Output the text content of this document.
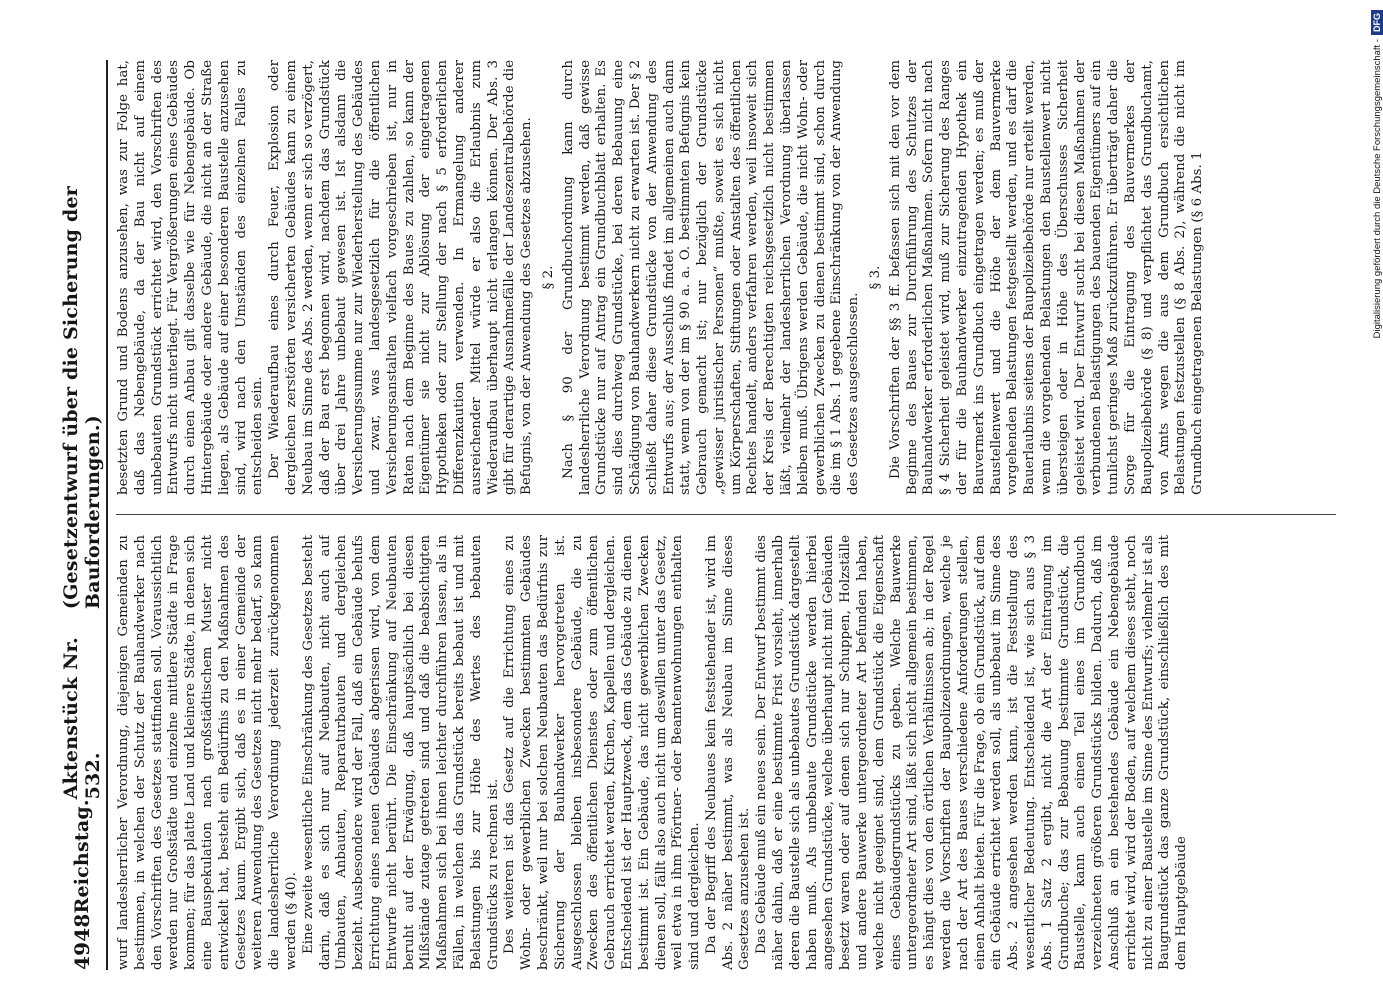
4948
Reichstag.
Aktenstück Nr. 532.
(Gesetzentwurf über die Sicherung der Bauforderungen.)

wurf landesherrlicher Verordnung, diejenigen Gemeinden zu bestimmen, in welchen der Schutz der Bauhandwerker nach den Vorschriften des Gesetzes stattfinden soll. Voraussichtlich werden nur Großstädte und einzelne mittlere Städte in Frage kommen; für das platte Land und kleinere Städte, in denen sich eine Bauspekulation nach großstädtischem Muster nicht entwickelt hat, besteht ein Bedürfnis zu den Maßnahmen des Gesetzes kaum. Ergibt sich, daß es in einer Gemeinde der weiteren Anwendung des Gesetzes nicht mehr bedarf, so kann die landesherrliche Verordnung jederzeit zurückgenommen werden (§ 40). Eine zweite wesentliche Einschränkung des Gesetzes besteht darin, daß es sich nur auf Neubauten, nicht auch auf Umbauten, Anbauten, Reparaturbauten und dergleichen bezieht. Ausbesondere wird der Fall, daß ein Gebäude behufs Errichtung eines neuen Gebäudes abgerissen wird, von dem Entwurfe nicht berührt. Die Einschränkung auf Neubauten beruht auf der Erwägung, daß hauptsächlich bei diesen Mißstände zutage getreten sind und daß die beabsichtigten Maßnahmen sich bei ihnen leichter durchführen lassen, als in Fällen, in welchen das Grundstück bereits bebaut ist und mit Belastungen bis zur Höhe des Wertes des bebauten Grundstücks zu rechnen ist. Des weiteren ist das Gesetz auf die Errichtung eines zu Wohn- oder gewerblichen Zwecken bestimmten Gebäudes beschränkt, weil nur bei solchen Neubauten das Bedürfnis zur Sicherung der Bauhandwerker hervorgetreten ist. Ausgeschlossen bleiben insbesondere Gebäude, die zu Zwecken des öffentlichen Dienstes oder zum öffentlichen Gebrauch errichtet werden, Kirchen, Kapellen und dergleichen. Entscheidend ist der Hauptzweck, dem das Gebäude zu dienen bestimmt ist. Ein Gebäude, das nicht gewerblichen Zwecken dienen soll, fällt also auch nicht um deswillen unter das Gesetz, weil etwa in ihm Pförtner- oder Beamtenwohnungen enthalten sind und dergleichen. Da der Begriff des Neubaues kein feststehender ist, wird im Abs. 2 näher bestimmt, was als Neubau im Sinne dieses Gesetzes anzusehen ist. Das Gebäude muß ein neues sein. Der Entwurf bestimmt dies näher dahin, daß er eine bestimmte Frist vorsieht, innerhalb deren die Baustelle sich als unbebautes Grundstück dargestellt haben muß. Als unbebaute Grundstücke werden hierbei angesehen Grundstücke, welche überhaupt nicht mit Gebäuden besetzt waren oder auf denen sich nur Schuppen, Holzställe und andere Bauwerke untergeordneter Art befunden haben, welche nicht geeignet sind, dem Grundstück die Eigenschaft eines Gebäudegrundstücks zu geben. Welche Bauwerke untergeordneter Art sind, läßt sich nicht allgemein bestimmen, es hängt dies von den örtlichen Verhältnissen ab; in der Regel werden die Vorschriften der Baupolizeiordnungen, welche je nach der Art des Baues verschiedene Anforderungen stellen, einen Anhalt bieten. Für die Frage, ob ein Grundstück, auf dem ein Gebäude errichtet werden soll, als unbebaut im Sinne des Abs. 2 angesehen werden kann, ist die Feststellung des wesentlicher Bedeutung. Entscheidend ist, wie sich aus § 3 Abs. 1 Satz 2 ergibt, nicht die Art der Eintragung im Grundbuche; das zur Bebauung bestimmte Grundstück, die Baustelle, kann auch einen Teil eines im Grundbuch verzeichneten größeren Grundstücks bilden. Dadurch, daß im Anschluß an ein bestehendes Gebäude ein Nebengebäude errichtet wird, wird der Boden, auf welchem dieses steht, noch nicht zu einer Baustelle im Sinne des Entwurfs; vielmehr ist als Baugrundstück das ganze Grundstück, einschließlich des mit dem Hauptgebäude

besetzten Grund und Bodens anzusehen, was zur Folge hat, daß das Nebengebäude, da der Bau nicht auf einem unbebauten Grundstück errichtet wird, den Vorschriften des Entwurfs nicht unterliegt. Für Vergrößerungen eines Gebäudes durch einen Anbau gilt dasselbe wie für Nebengebäude. Ob Hintergebäude oder andere Gebäude, die nicht an der Straße liegen, als Gebäude auf einer besonderen Baustelle anzusehen sind, wird nach den Umständen des einzelnen Falles zu entscheiden sein. Der Wiederaufbau eines durch Feuer, Explosion oder dergleichen zerstörten versicherten Gebäudes kann zu einem Neubau im Sinne des Abs. 2 werden, wenn er sich so verzögert, daß der Bau erst begonnen wird, nachdem das Grundstück über drei Jahre unbebaut gewesen ist. Ist alsdann die Versicherungssumme nur zur Wiederherstellung des Gebäudes und zwar, was landesgesetzlich für die öffentlichen Versicherungsanstalten vielfach vorgeschrieben ist, nur in Raten nach dem Beginne des Baues zu zahlen, so kann der Eigentümer sie nicht zur Ablösung der eingetragenen Hypotheken oder zur Stellung der nach § 5 erforderlichen Differenzkaution verwenden. In Ermangelung anderer ausreichender Mittel würde er also die Erlaubnis zum Wiederaufbau überhaupt nicht erlangen können. Der Abs. 3 gibt für derartige Ausnahmefälle der Landeszentralbehörde die Befugnis, von der Anwendung des Gesetzes abzusehen. § 2. Nach § 90 der Grundbuchordnung kann durch landesherrliche Verordnung bestimmt werden, daß gewisse Grundstücke nur auf Antrag ein Grundbuchblatt erhalten. Es sind dies durchweg Grundstücke, bei deren Bebauung eine Schädigung von Bauhandwerkern nicht zu erwarten ist. Der § 2 schließt daher diese Grundstücke von der Anwendung des Entwurfs aus; der Ausschluß findet im allgemeinen auch dann statt, wenn von der im § 90 a. a. O. bestimmten Befugnis kein Gebrauch gemacht ist; nur bezüglich der Grundstücke „gewisser juristischer Personen“ mußte, soweit es sich nicht um Körperschaften, Stiftungen oder Anstalten des öffentlichen Rechtes handelt, anders verfahren werden, weil insoweit sich der Kreis der Berechtigten reichsgesetzlich nicht bestimmen läßt, vielmehr der landesherrlichen Verordnung überlassen bleiben muß. Übrigens werden Gebäude, die nicht Wohn- oder gewerblichen Zwecken zu dienen bestimmt sind, schon durch die im § 1 Abs. 1 gegebene Einschränkung von der Anwendung des Gesetzes ausgeschlossen.

§ 3. Die Vorschriften der §§ 3 ff. befassen sich mit den vor dem Beginne des Baues zur Durchführung des Schutzes der Bauhandwerker erforderlichen Maßnahmen. Sofern nicht nach § 4 Sicherheit geleistet wird, muß zur Sicherung des Ranges der für die Bauhandwerker einzutragenden Hypothek ein Bauvermerk ins Grundbuch eingetragen werden; es muß der Baustellenwert und die Höhe der dem Bauvermerke vorgehenden Belastungen festgestellt werden, und es darf die Bauerlaubnis seitens der Baupolizeibehörde nur erteilt werden, wenn die vorgehenden Belastungen den Baustellenwert nicht übersteigen oder in Höhe des Überschusses Sicherheit geleistet wird. Der Entwurf sucht bei diesen Maßnahmen der verbundenen Belastigungen des bauenden Eigentümers auf ein tunlichst geringes Maß zurückzuführen. Er überträgt daher die Sorge für die Eintragung des Bauvermerkes der Baupolizeibehörde (§ 8) und verpflichtet das Grundbuchamt, von Amts wegen die aus dem Grundbuch ersichtlichen Belastungen festzustellen (§ 8 Abs. 2), während die nicht im Grundbuch eingetragenen Belastungen (§ 6 Abs. 1	Digitalisierung gefördert durch die Deutsche Forschungsgemeinschaft -
DFG
